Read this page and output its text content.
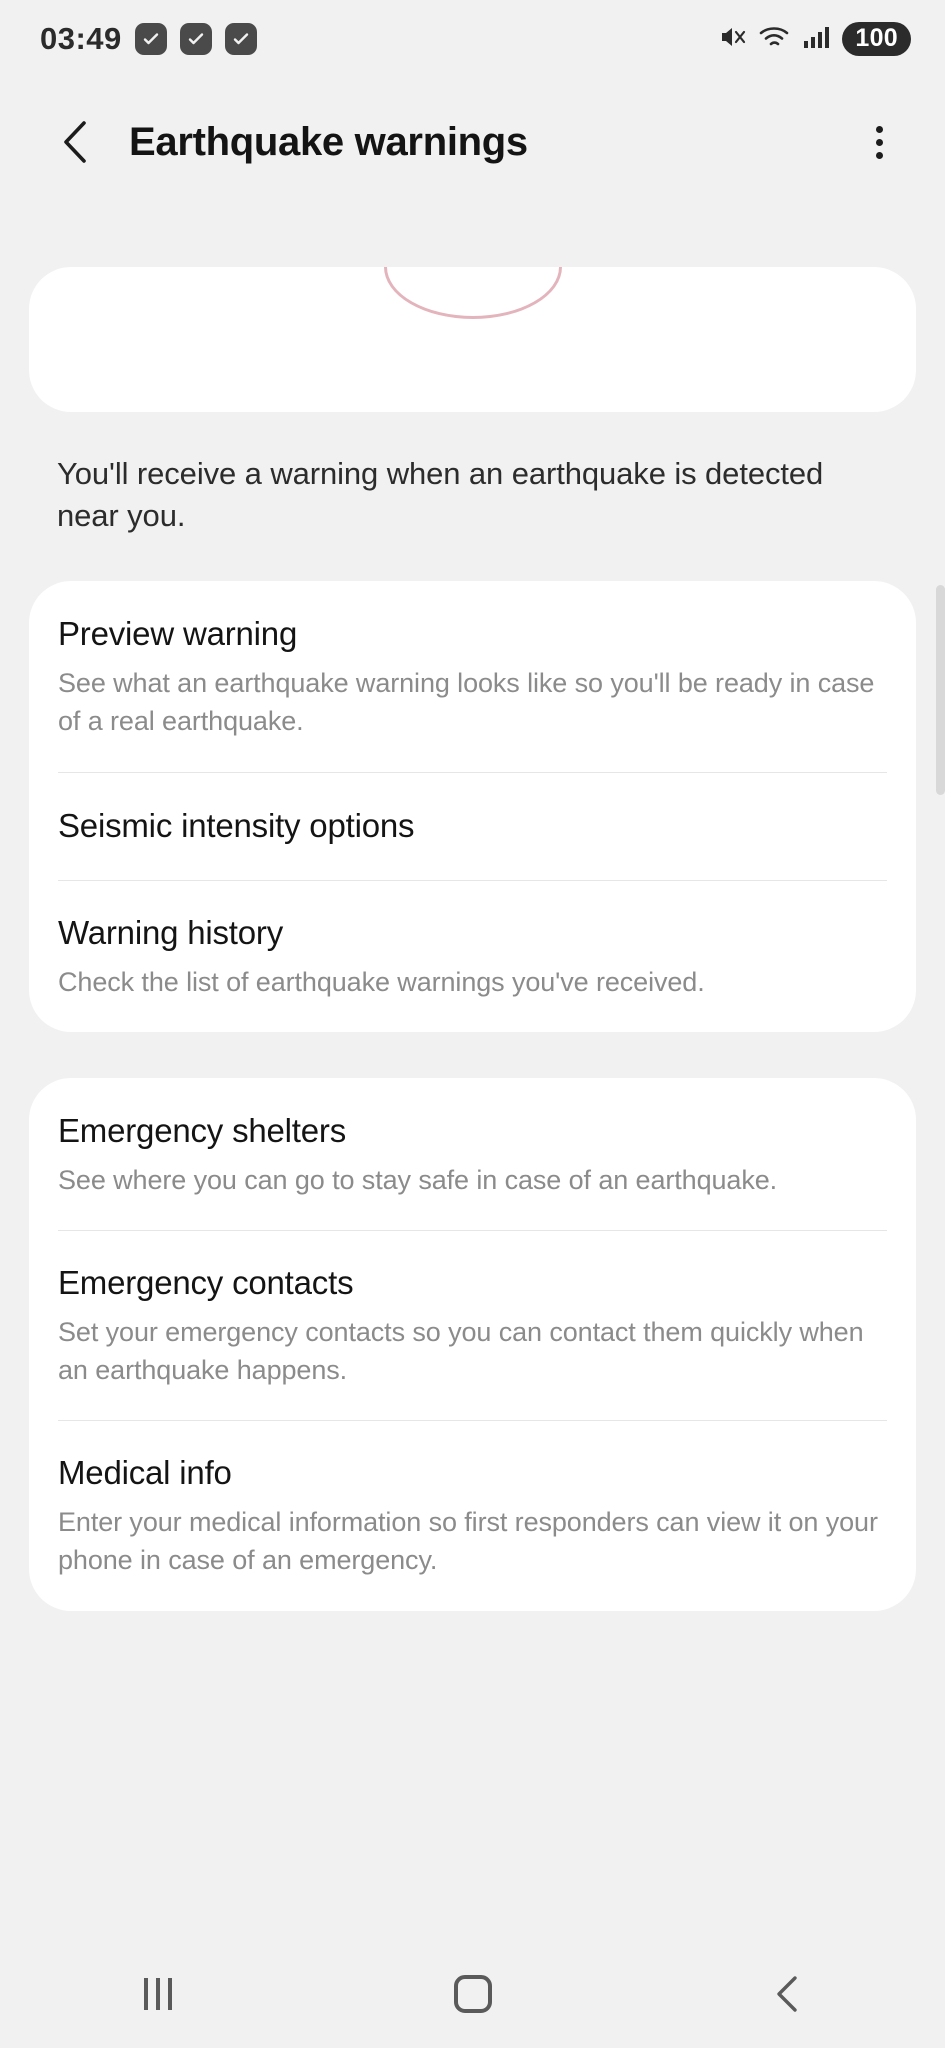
03:49	100
Earthquake warnings
You'll receive a warning when an earthquake is detected near you.
Preview warning
See what an earthquake warning looks like so you'll be ready in case of a real earthquake.
Seismic intensity options
Warning history
Check the list of earthquake warnings you've received.
Emergency shelters
See where you can go to stay safe in case of an earthquake.
Emergency contacts
Set your emergency contacts so you can contact them quickly when an earthquake happens.
Medical info
Enter your medical information so first responders can view it on your phone in case of an emergency.
